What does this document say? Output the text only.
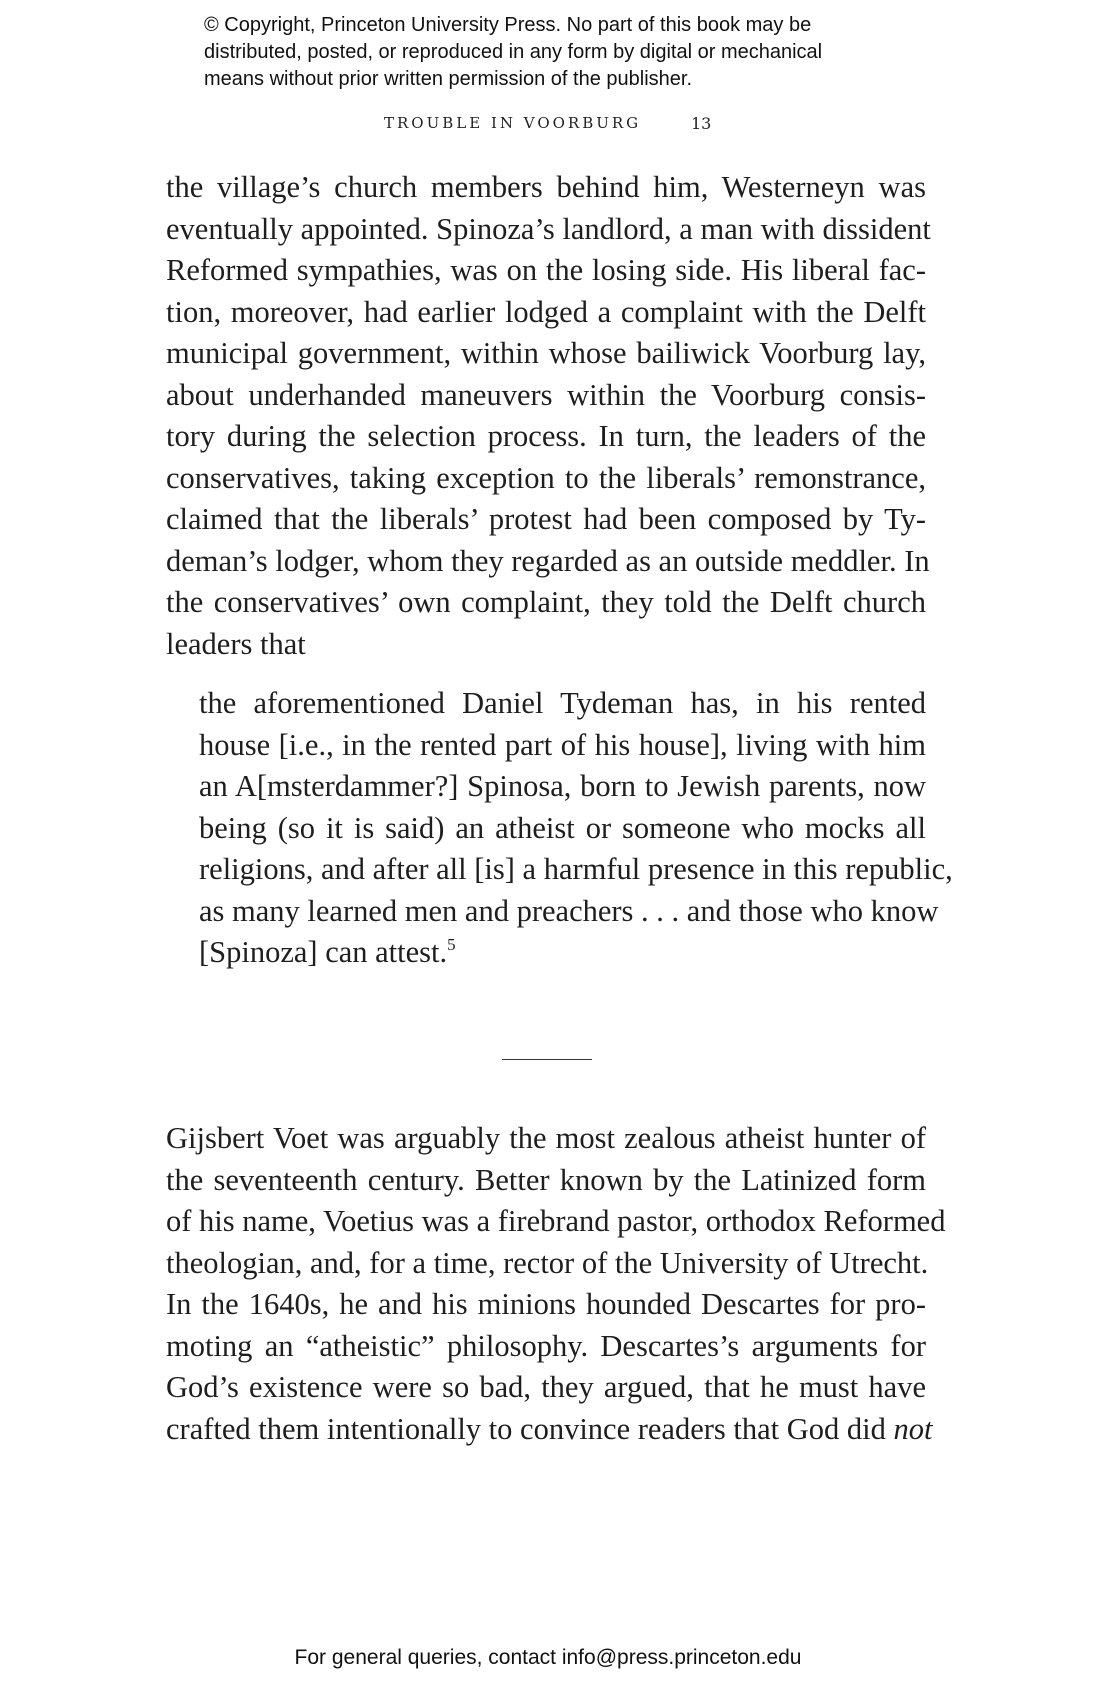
© Copyright, Princeton University Press. No part of this book may be
distributed, posted, or reproduced in any form by digital or mechanical
means without prior written permission of the publisher.
TROUBLE IN VOORBURG	13
the village’s church members behind him, Westerneyn was
eventually appointed. Spinoza’s landlord, a man with dissident
Reformed sympathies, was on the losing side. His liberal fac-
tion, moreover, had earlier lodged a complaint with the Delft
municipal government, within whose bailiwick Voorburg lay,
about underhanded maneuvers within the Voorburg consis-
tory during the selection process. In turn, the leaders of the
conservatives, taking exception to the liberals’ remonstrance,
claimed that the liberals’ protest had been composed by Ty-
deman’s lodger, whom they regarded as an outside meddler. In
the conservatives’ own complaint, they told the Delft church
leaders that
the aforementioned Daniel Tydeman has, in his rented
house [i.e., in the rented part of his house], living with him
an A[msterdammer?] Spinosa, born to Jewish parents, now
being (so it is said) an atheist or someone who mocks all
religions, and after all [is] a harmful presence in this republic,
as many learned men and preachers . . . and those who know
[Spinoza] can attest.$^5$
Gijsbert Voet was arguably the most zealous atheist hunter of
the seventeenth century. Better known by the Latinized form
of his name, Voetius was a firebrand pastor, orthodox Reformed
theologian, and, for a time, rector of the University of Utrecht.
In the 1640s, he and his minions hounded Descartes for pro-
moting an “atheistic” philosophy. Descartes’s arguments for
God’s existence were so bad, they argued, that he must have
crafted them intentionally to convince readers that God did not
For general queries, contact info@press.princeton.edu
